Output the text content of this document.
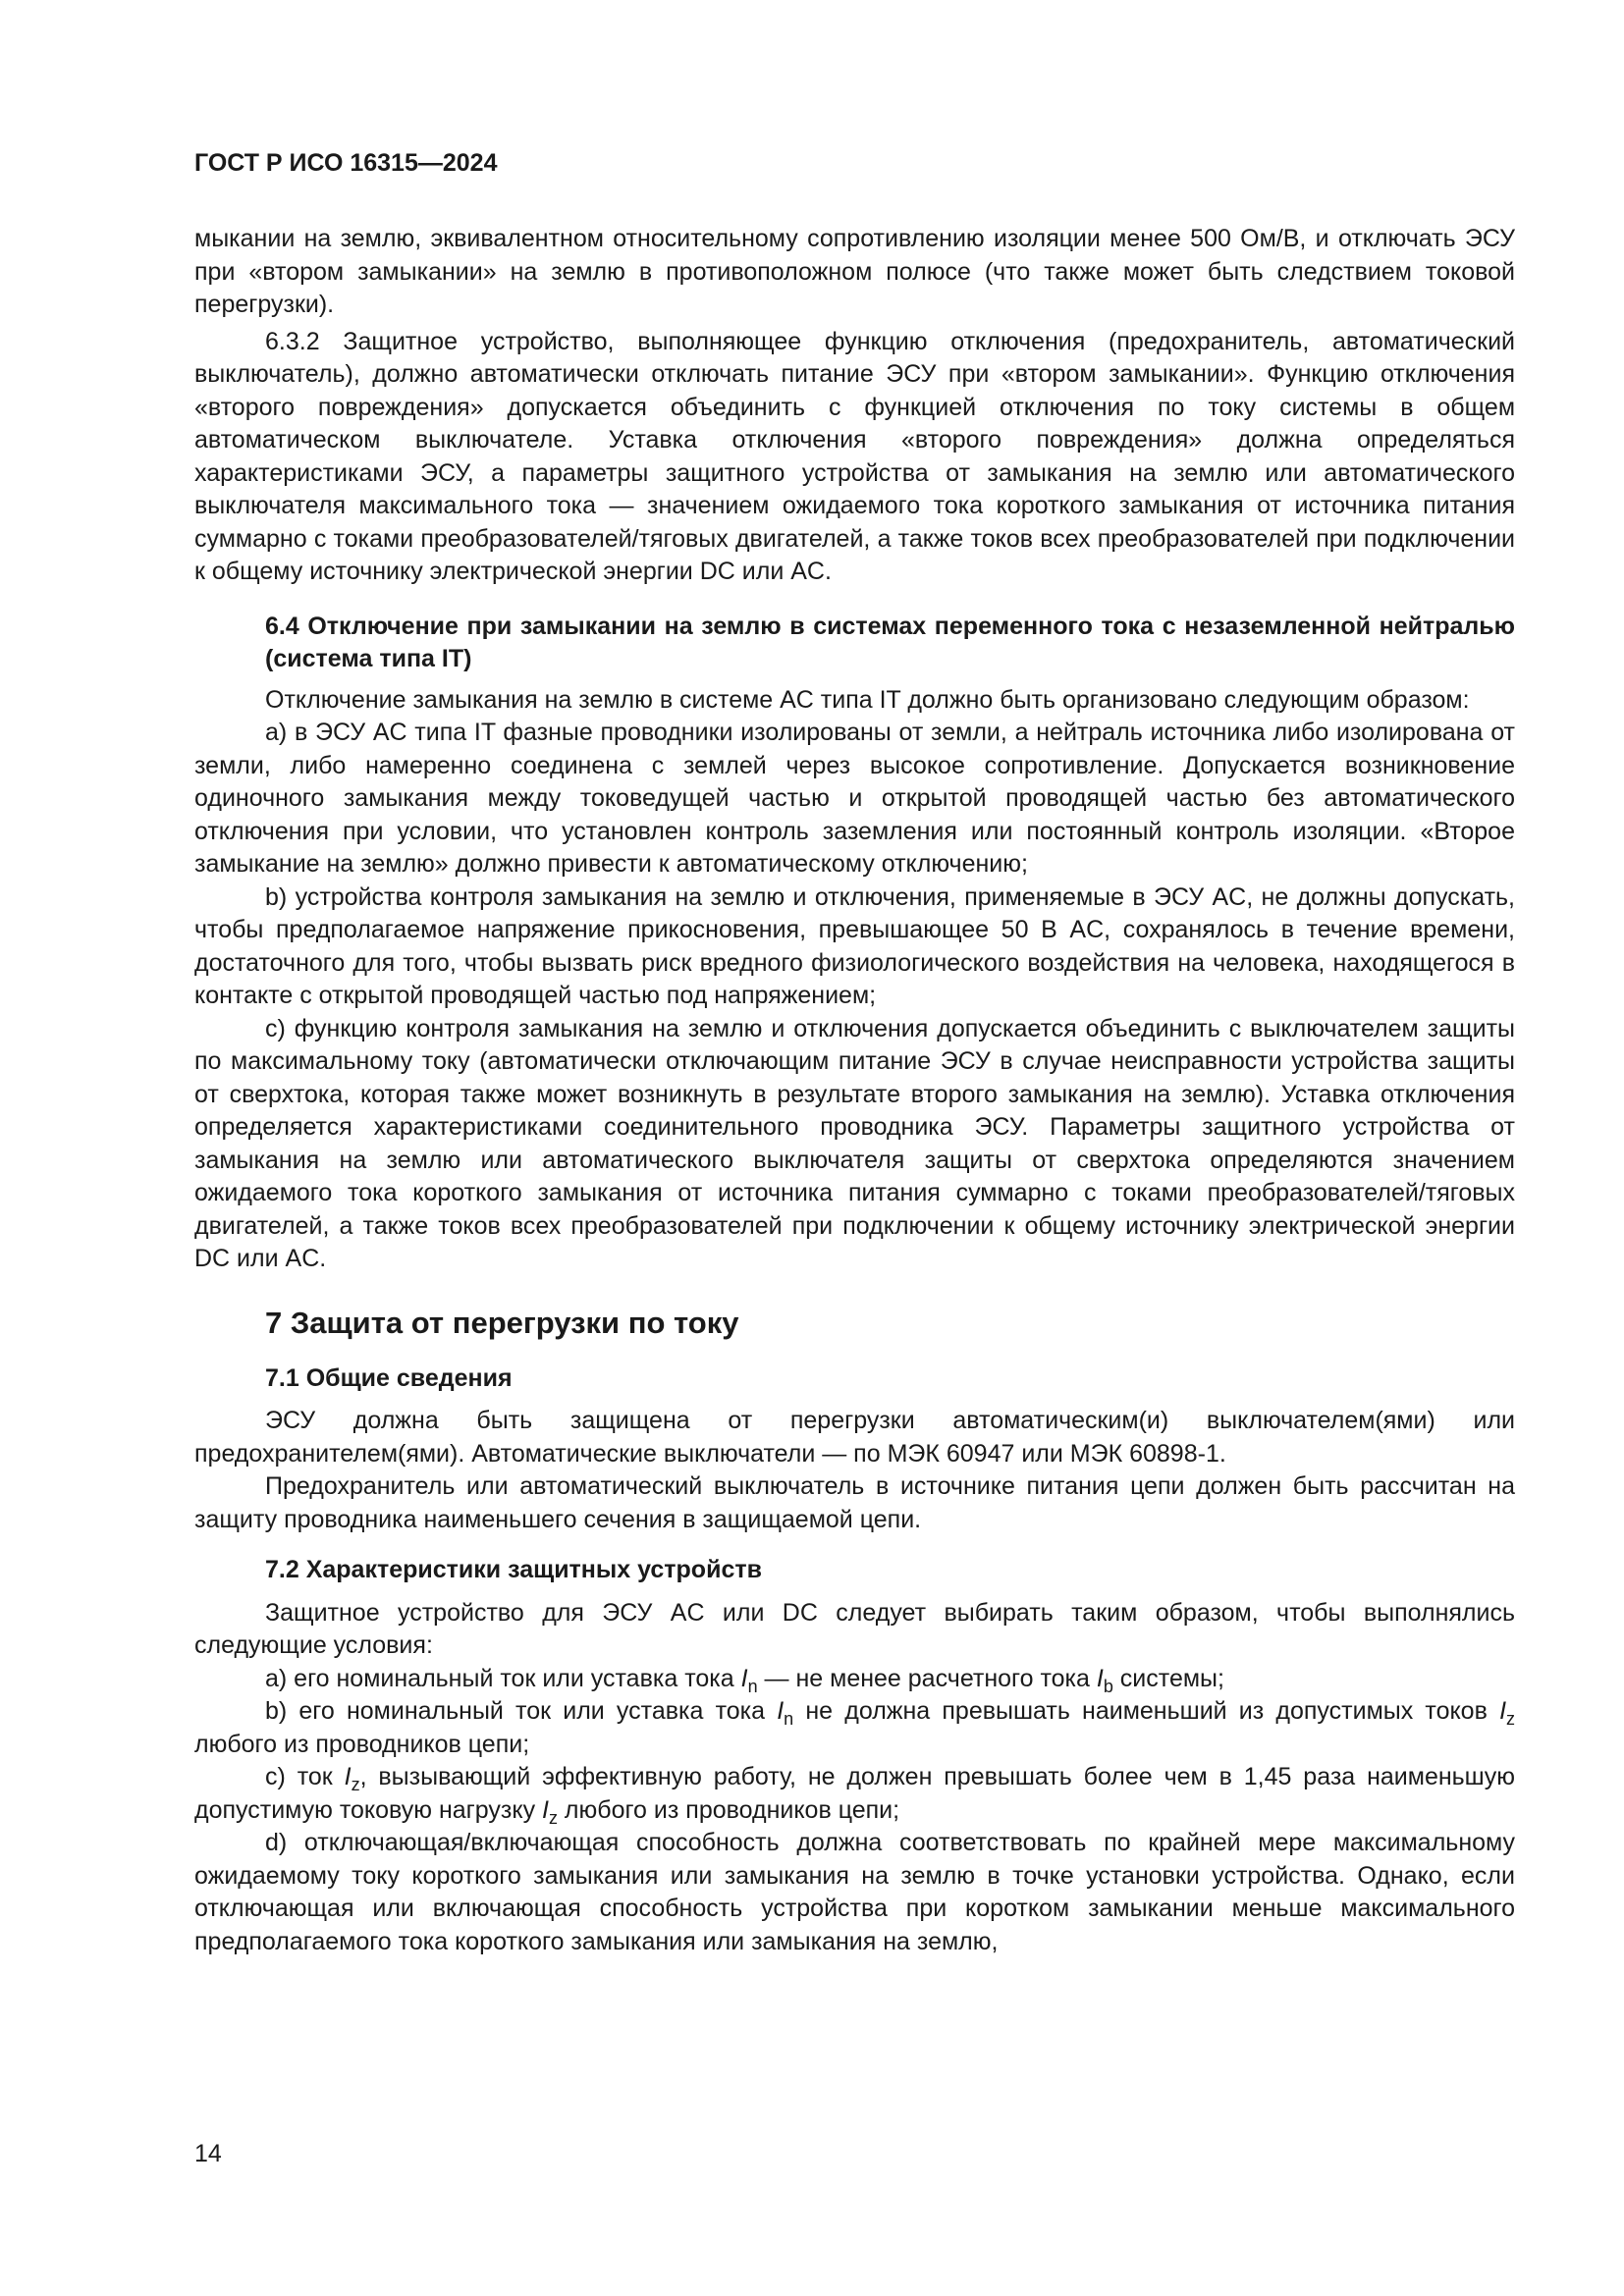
ГОСТ Р ИСО 16315—2024

мыкании на землю, эквивалентном относительному сопротивлению изоляции менее 500 Ом/В, и отключать ЭСУ при «втором замыкании» на землю в противоположном полюсе (что также может быть следствием токовой перегрузки).

6.3.2 Защитное устройство, выполняющее функцию отключения (предохранитель, автоматический выключатель), должно автоматически отключать питание ЭСУ при «втором замыкании». Функцию отключения «второго повреждения» допускается объединить с функцией отключения по току системы в общем автоматическом выключателе. Уставка отключения «второго повреждения» должна определяться характеристиками ЭСУ, а параметры защитного устройства от замыкания на землю или автоматического выключателя максимального тока — значением ожидаемого тока короткого замыкания от источника питания суммарно с токами преобразователей/тяговых двигателей, а также токов всех преобразователей при подключении к общему источнику электрической энергии DC или AC.

6.4 Отключение при замыкании на землю в системах переменного тока с незаземленной нейтралью (система типа IT)

Отключение замыкания на землю в системе AC типа IT должно быть организовано следующим образом:

a) в ЭСУ AC типа IT фазные проводники изолированы от земли, а нейтраль источника либо изолирована от земли, либо намеренно соединена с землей через высокое сопротивление. Допускается возникновение одиночного замыкания между токоведущей частью и открытой проводящей частью без автоматического отключения при условии, что установлен контроль заземления или постоянный контроль изоляции. «Второе замыкание на землю» должно привести к автоматическому отключению;

b) устройства контроля замыкания на землю и отключения, применяемые в ЭСУ AC, не должны допускать, чтобы предполагаемое напряжение прикосновения, превышающее 50 В AC, сохранялось в течение времени, достаточного для того, чтобы вызвать риск вредного физиологического воздействия на человека, находящегося в контакте с открытой проводящей частью под напряжением;

c) функцию контроля замыкания на землю и отключения допускается объединить с выключателем защиты по максимальному току (автоматически отключающим питание ЭСУ в случае неисправности устройства защиты от сверхтока, которая также может возникнуть в результате второго замыкания на землю). Уставка отключения определяется характеристиками соединительного проводника ЭСУ. Параметры защитного устройства от замыкания на землю или автоматического выключателя защиты от сверхтока определяются значением ожидаемого тока короткого замыкания от источника питания суммарно с токами преобразователей/тяговых двигателей, а также токов всех преобразователей при подключении к общему источнику электрической энергии DC или AC.

7 Защита от перегрузки по току

7.1 Общие сведения

ЭСУ должна быть защищена от перегрузки автоматическим(и) выключателем(ями) или предохранителем(ями). Автоматические выключатели — по МЭК 60947 или МЭК 60898-1.

Предохранитель или автоматический выключатель в источнике питания цепи должен быть рассчитан на защиту проводника наименьшего сечения в защищаемой цепи.

7.2 Характеристики защитных устройств

Защитное устройство для ЭСУ AC или DC следует выбирать таким образом, чтобы выполнялись следующие условия:

a) его номинальный ток или уставка тока $I_n$ — не менее расчетного тока $I_b$ системы;

b) его номинальный ток или уставка тока $I_n$ не должна превышать наименьший из допустимых токов $I_z$ любого из проводников цепи;

c) ток $I_z$, вызывающий эффективную работу, не должен превышать более чем в 1,45 раза наименьшую допустимую токовую нагрузку $I_z$ любого из проводников цепи;

d) отключающая/включающая способность должна соответствовать по крайней мере максимальному ожидаемому току короткого замыкания или замыкания на землю в точке установки устройства. Однако, если отключающая или включающая способность устройства при коротком замыкании меньше максимального предполагаемого тока короткого замыкания или замыкания на землю,

14
